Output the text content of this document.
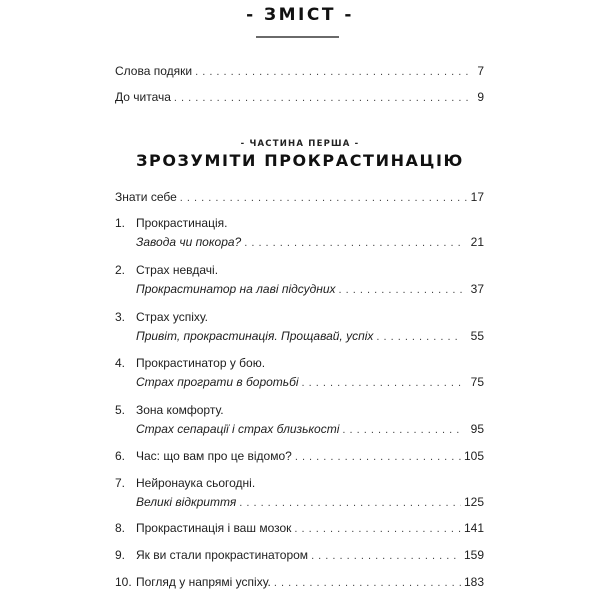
- ЗМІСТ -
Слова подяки . . .	7
До читача . . .	9
- ЧАСТИНА ПЕРША -
ЗРОЗУМІТИ ПРОКРАСТИНАЦІЮ
Знати себе . . .	17
1. Прокрастинація.
Завода чи покора? . . .	21
2. Страх невдачі.
Прокрастинатор на лаві підсудних . . .	37
3. Страх успіху.
Привіт, прокрастинація. Прощавай, успіх . . .	55
4. Прокрастинатор у бою.
Страх програти в боротьбі . . .	75
5. Зона комфорту.
Страх сепарації і страх близькості . . .	95
6. Час: що вам про це відомо? . . .	105
7. Нейронаука сьогодні.
Великі відкриття . . .	125
8. Прокрастинація і ваш мозок . . .	141
9. Як ви стали прокрастинатором . . .	159
10. Погляд у напрямі успіху. . . .	183
